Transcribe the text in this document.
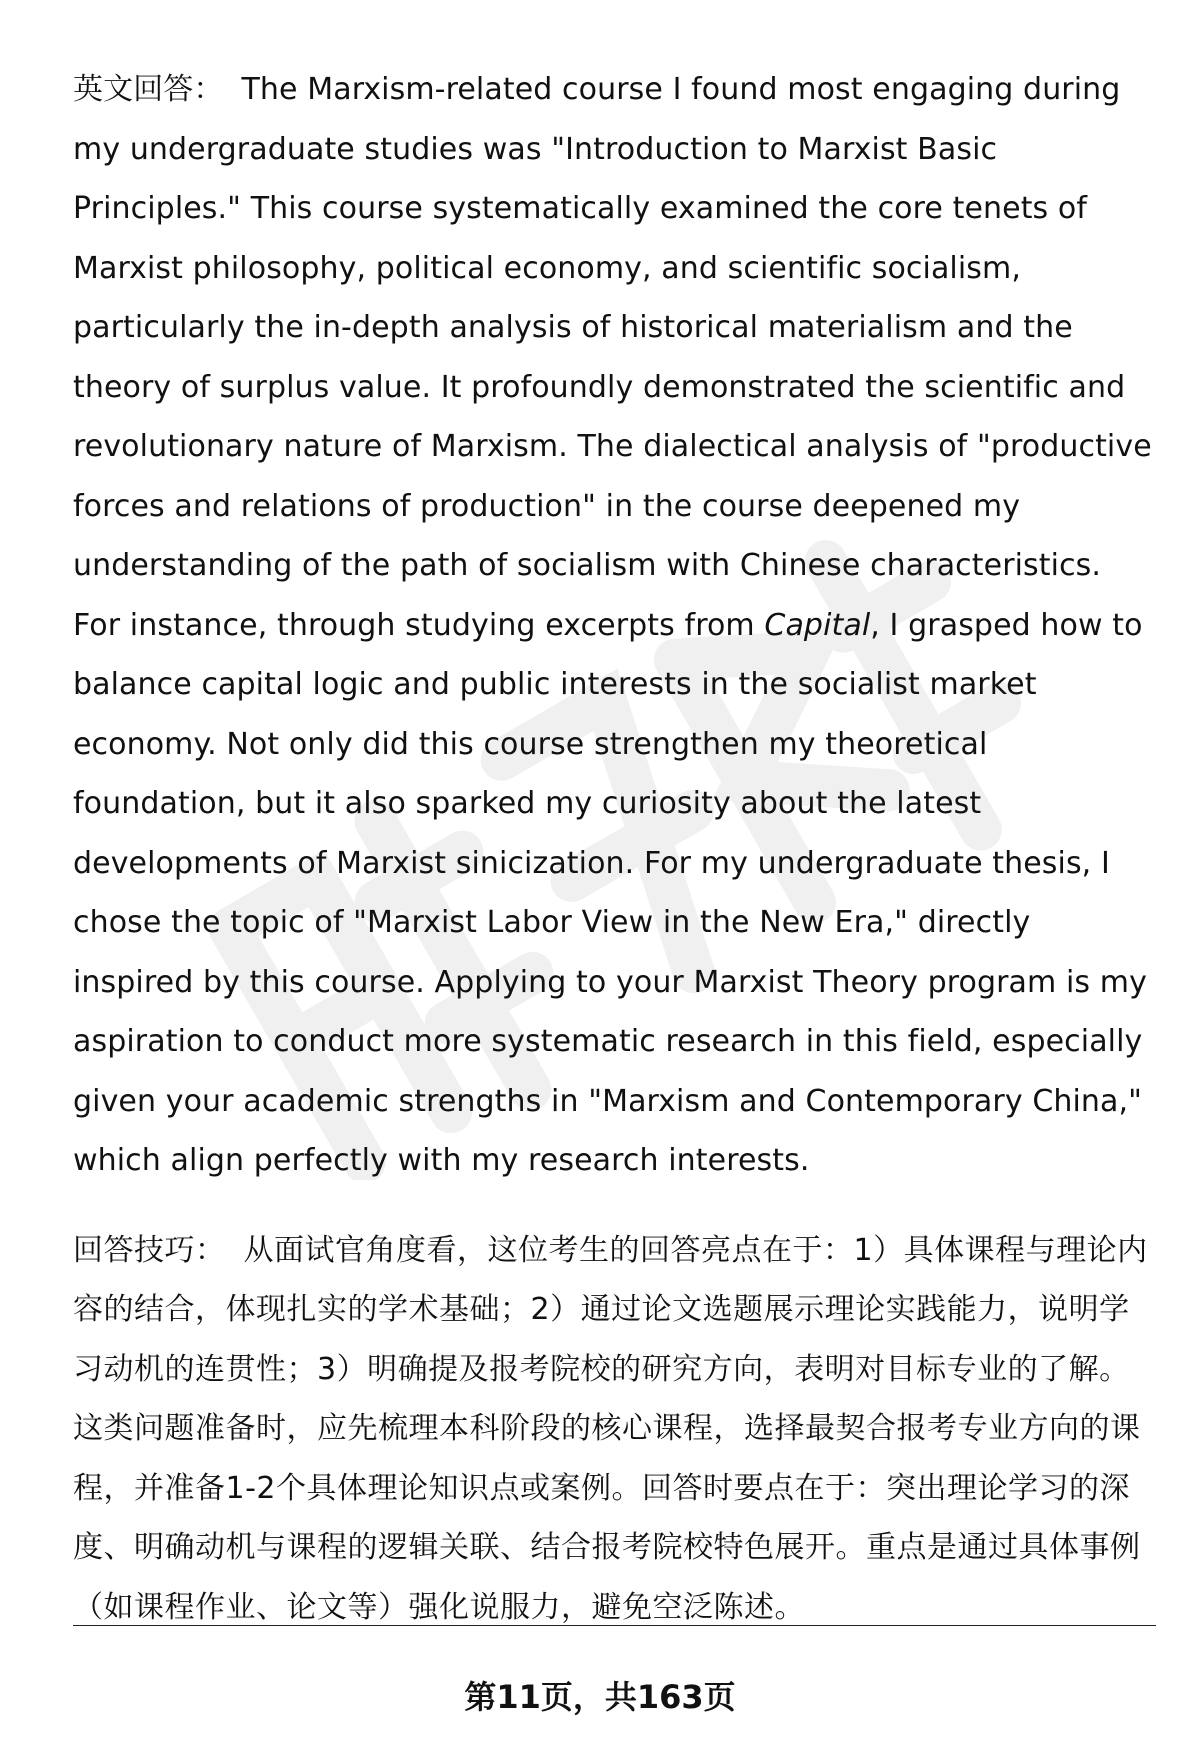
英文回答： The Marxism-related course I found most engaging during my undergraduate studies was "Introduction to Marxist Basic Principles." This course systematically examined the core tenets of Marxist philosophy, political economy, and scientific socialism, particularly the in-depth analysis of historical materialism and the theory of surplus value. It profoundly demonstrated the scientific and revolutionary nature of Marxism. The dialectical analysis of "productive forces and relations of production" in the course deepened my understanding of the path of socialism with Chinese characteristics. For instance, through studying excerpts from Capital, I grasped how to balance capital logic and public interests in the socialist market economy. Not only did this course strengthen my theoretical foundation, but it also sparked my curiosity about the latest developments of Marxist sinicization. For my undergraduate thesis, I chose the topic of "Marxist Labor View in the New Era," directly inspired by this course. Applying to your Marxist Theory program is my aspiration to conduct more systematic research in this field, especially given your academic strengths in "Marxism and Contemporary China," which align perfectly with my research interests.

回答技巧： 从面试官角度看，这位考生的回答亮点在于：1）具体课程与理论内容的结合，体现扎实的学术基础；2）通过论文选题展示理论实践能力，说明学习动机的连贯性；3）明确提及报考院校的研究方向，表明对目标专业的了解。这类问题准备时，应先梳理本科阶段的核心课程，选择最契合报考专业方向的课程，并准备1-2个具体理论知识点或案例。回答时要点在于：突出理论学习的深度、明确动机与课程的逻辑关联、结合报考院校特色展开。重点是通过具体事例（如课程作业、论文等）强化说服力，避免空泛陈述。

第11页，共163页
